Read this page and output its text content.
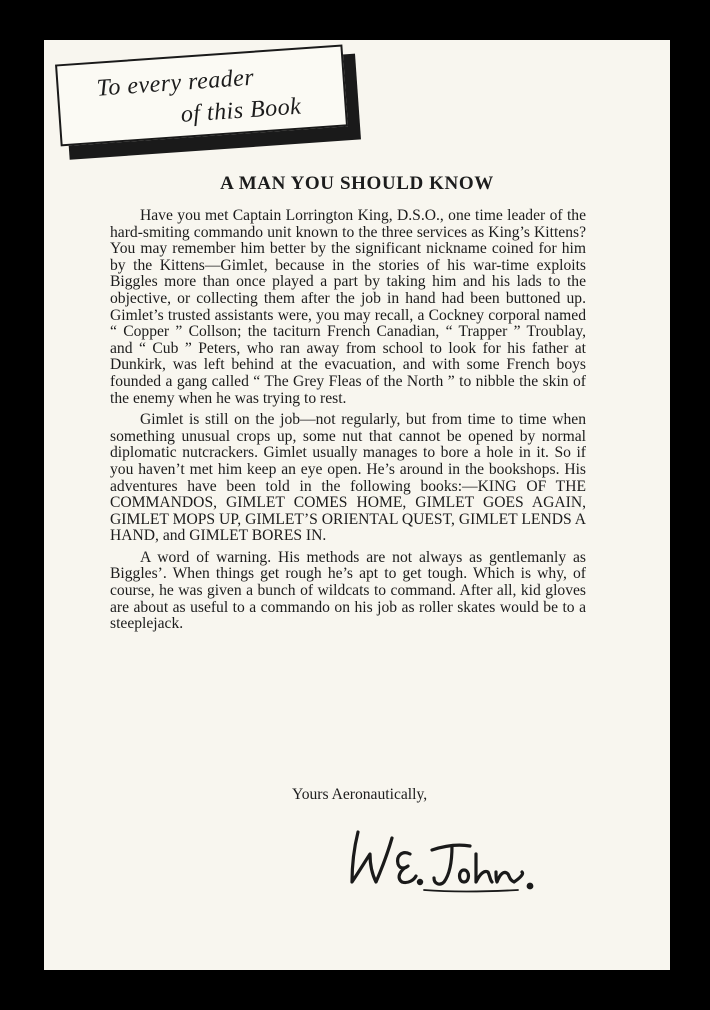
To every reader
of this Book
A MAN YOU SHOULD KNOW

Have you met Captain Lorrington King, D.S.O., one time leader of the hard-smiting commando unit known to the three services as King’s Kittens? You may remember him better by the significant nickname coined for him by the Kittens—Gimlet, because in the stories of his war-time exploits Biggles more than once played a part by taking him and his lads to the objective, or collecting them after the job in hand had been buttoned up. Gimlet’s trusted assistants were, you may recall, a Cockney corporal named “ Copper ” Collson; the taciturn French Canadian, “ Trapper ” Troublay, and “ Cub ” Peters, who ran away from school to look for his father at Dunkirk, was left behind at the evacuation, and with some French boys founded a gang called “ The Grey Fleas of the North ” to nibble the skin of the enemy when he was trying to rest.

Gimlet is still on the job—not regularly, but from time to time when something unusual crops up, some nut that cannot be opened by normal diplomatic nutcrackers. Gimlet usually manages to bore a hole in it. So if you haven’t met him keep an eye open. He’s around in the bookshops. His adventures have been told in the following books:—KING OF THE COMMANDOS, GIMLET COMES HOME, GIMLET GOES AGAIN, GIMLET MOPS UP, GIMLET’S ORIENTAL QUEST, GIMLET LENDS A HAND, and GIMLET BORES IN.

A word of warning. His methods are not always as gentlemanly as Biggles’. When things get rough he’s apt to get tough. Which is why, of course, he was given a bunch of wildcats to command. After all, kid gloves are about as useful to a commando on his job as roller skates would be to a steeplejack.

Yours Aeronautically,
